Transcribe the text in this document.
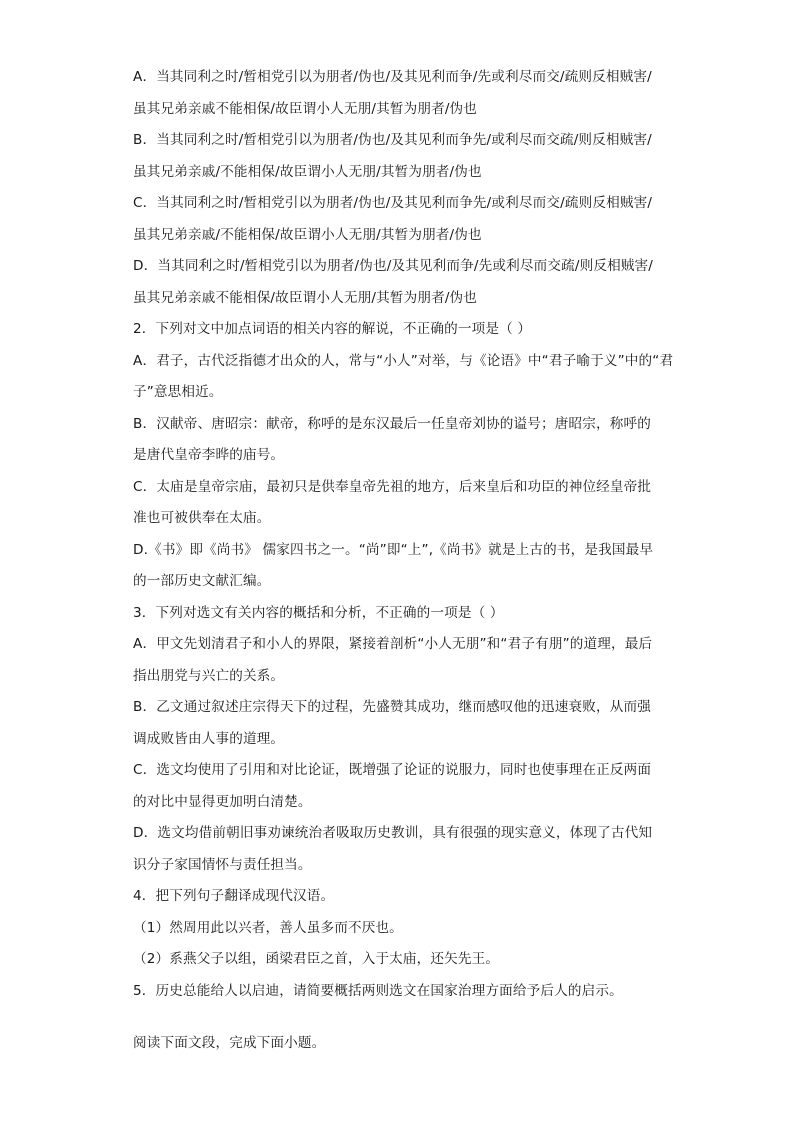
A．当其同利之时/暂相党引以为朋者/伪也/及其见利而争/先或利尽而交/疏则反相贼害/
虽其兄弟亲戚不能相保/故臣谓小人无朋/其暂为朋者/伪也
B．当其同利之时/暂相党引以为朋者/伪也/及其见利而争先/或利尽而交疏/则反相贼害/
虽其兄弟亲戚/不能相保/故臣谓小人无朋/其暂为朋者/伪也
C．当其同利之时/暂相党引以为朋者/伪也/及其见利而争先/或利尽而交/疏则反相贼害/
虽其兄弟亲戚/不能相保/故臣谓小人无朋/其暂为朋者/伪也
D．当其同利之时/暂相党引以为朋者/伪也/及其见利而争/先或利尽而交疏/则反相贼害/
虽其兄弟亲戚不能相保/故臣谓小人无朋/其暂为朋者/伪也
2．下列对文中加点词语的相关内容的解说，不正确的一项是（ ）
A．君子，古代泛指德才出众的人，常与“小人”对举，与《论语》中“君子喻于义”中的“君
子”意思相近。
B．汉献帝、唐昭宗：献帝，称呼的是东汉最后一任皇帝刘协的谥号；唐昭宗，称呼的
是唐代皇帝李晔的庙号。
C．太庙是皇帝宗庙，最初只是供奉皇帝先祖的地方，后来皇后和功臣的神位经皇帝批
准也可被供奉在太庙。
D.《书》即《尚书》 儒家四书之一。“尚”即“上”,《尚书》就是上古的书，是我国最早
的一部历史文献汇编。
3．下列对选文有关内容的概括和分析，不正确的一项是（ ）
A．甲文先划清君子和小人的界限，紧接着剖析“小人无朋”和“君子有朋”的道理，最后
指出朋党与兴亡的关系。
B．乙文通过叙述庄宗得天下的过程，先盛赞其成功，继而感叹他的迅速衰败，从而强
调成败皆由人事的道理。
C．选文均使用了引用和对比论证，既增强了论证的说服力，同时也使事理在正反两面
的对比中显得更加明白清楚。
D．选文均借前朝旧事劝谏统治者吸取历史教训，具有很强的现实意义，体现了古代知
识分子家国情怀与责任担当。
4．把下列句子翻译成现代汉语。
（1）然周用此以兴者，善人虽多而不厌也。
（2）系燕父子以组，函梁君臣之首，入于太庙，还矢先王。
5．历史总能给人以启迪，请简要概括两则选文在国家治理方面给予后人的启示。
阅读下面文段，完成下面小题。
